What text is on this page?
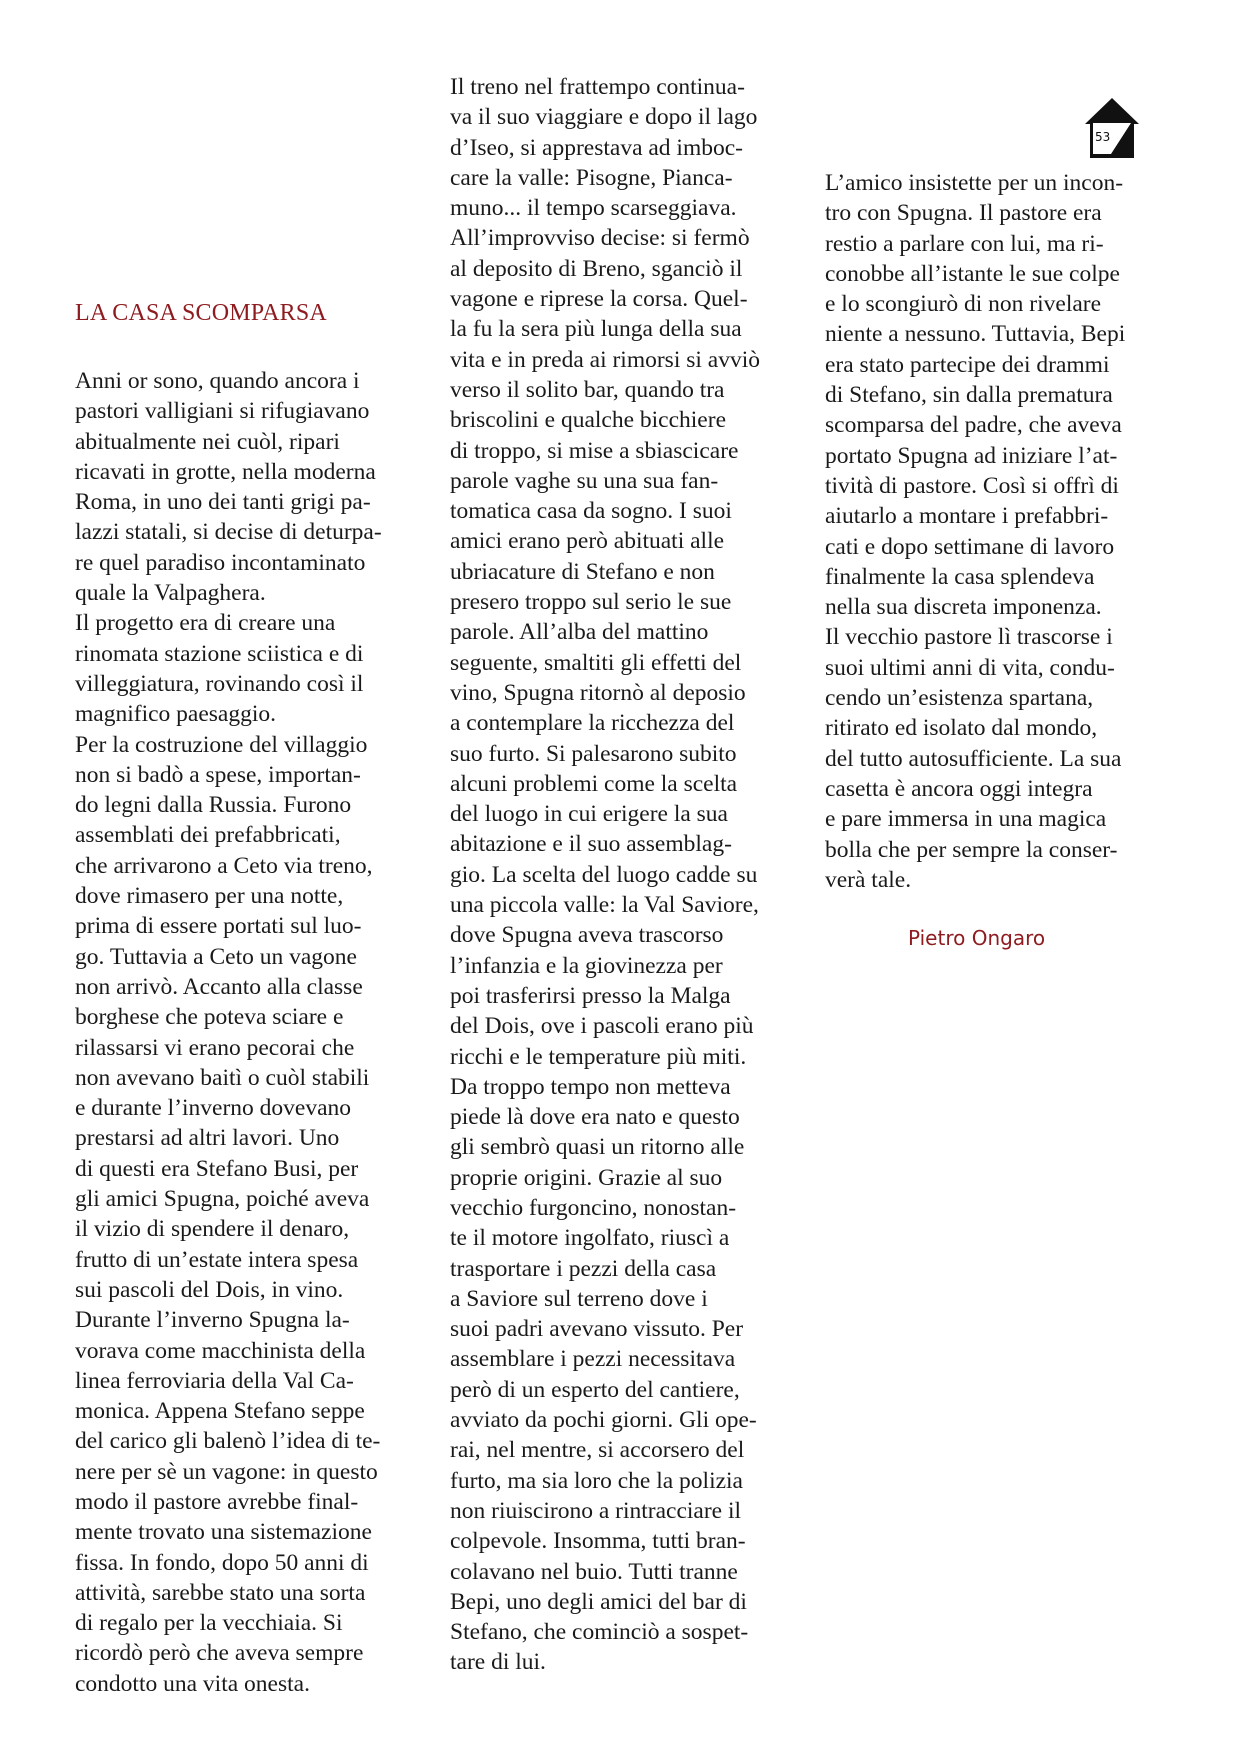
53
LA CASA SCOMPARSA
Anni or sono, quando ancora i
pastori valligiani si rifugiavano
abitualmente nei cuòl, ripari
ricavati in grotte, nella moderna
Roma, in uno dei tanti grigi pa-
lazzi statali, si decise di deturpa-
re quel paradiso incontaminato
quale la Valpaghera.
Il progetto era di creare una
rinomata stazione sciistica e di
villeggiatura, rovinando così il
magnifico paesaggio.
Per la costruzione del villaggio
non si badò a spese, importan-
do legni dalla Russia. Furono
assemblati dei prefabbricati,
che arrivarono a Ceto via treno,
dove rimasero per una notte,
prima di essere portati sul luo-
go. Tuttavia a Ceto un vagone
non arrivò. Accanto alla classe
borghese che poteva sciare e
rilassarsi vi erano pecorai che
non avevano baitì o cuòl stabili
e durante l’inverno dovevano
prestarsi ad altri lavori. Uno
di questi era Stefano Busi, per
gli amici Spugna, poiché aveva
il vizio di spendere il denaro,
frutto di un’estate intera spesa
sui pascoli del Dois, in vino.
Durante l’inverno Spugna la-
vorava come macchinista della
linea ferroviaria della Val Ca-
monica. Appena Stefano seppe
del carico gli balenò l’idea di te-
nere per sè un vagone: in questo
modo il pastore avrebbe final-
mente trovato una sistemazione
fissa. In fondo, dopo 50 anni di
attività, sarebbe stato una sorta
di regalo per la vecchiaia. Si
ricordò però che aveva sempre
condotto una vita onesta.
Il treno nel frattempo continua-
va il suo viaggiare e dopo il lago
d’Iseo, si apprestava ad imboc-
care la valle: Pisogne, Pianca-
muno... il tempo scarseggiava.
All’improvviso decise: si fermò
al deposito di Breno, sganciò il
vagone e riprese la corsa. Quel-
la fu la sera più lunga della sua
vita e in preda ai rimorsi si avviò
verso il solito bar, quando tra
briscolini e qualche bicchiere
di troppo, si mise a sbiascicare
parole vaghe su una sua fan-
tomatica casa da sogno. I suoi
amici erano però abituati alle
ubriacature di Stefano e non
presero troppo sul serio le sue
parole. All’alba del mattino
seguente, smaltiti gli effetti del
vino, Spugna ritornò al deposio
a contemplare la ricchezza del
suo furto. Si palesarono subito
alcuni problemi come la scelta
del luogo in cui erigere la sua
abitazione e il suo assemblag-
gio. La scelta del luogo cadde su
una piccola valle: la Val Saviore,
dove Spugna aveva trascorso
l’infanzia e la giovinezza per
poi trasferirsi presso la Malga
del Dois, ove i pascoli erano più
ricchi e le temperature più miti.
Da troppo tempo non metteva
piede là dove era nato e questo
gli sembrò quasi un ritorno alle
proprie origini. Grazie al suo
vecchio furgoncino, nonostan-
te il motore ingolfato, riuscì a
trasportare i pezzi della casa
a Saviore sul terreno dove i
suoi padri avevano vissuto. Per
assemblare i pezzi necessitava
però di un esperto del cantiere,
avviato da pochi giorni. Gli ope-
rai, nel mentre, si accorsero del
furto, ma sia loro che la polizia
non riuiscirono a rintracciare il
colpevole. Insomma, tutti bran-
colavano nel buio. Tutti tranne
Bepi, uno degli amici del bar di
Stefano, che cominciò a sospet-
tare di lui.
L’amico insistette per un incon-
tro con Spugna. Il pastore era
restio a parlare con lui, ma ri-
conobbe all’istante le sue colpe
e lo scongiurò di non rivelare
niente a nessuno. Tuttavia, Bepi
era stato partecipe dei drammi
di Stefano, sin dalla prematura
scomparsa del padre, che aveva
portato Spugna ad iniziare l’at-
tività di pastore. Così si offrì di
aiutarlo a montare i prefabbri-
cati e dopo settimane di lavoro
finalmente la casa splendeva
nella sua discreta imponenza.
Il vecchio pastore lì trascorse i
suoi ultimi anni di vita, condu-
cendo un’esistenza spartana,
ritirato ed isolato dal mondo,
del tutto autosufficiente. La sua
casetta è ancora oggi integra
e pare immersa in una magica
bolla che per sempre la conser-
verà tale.
Pietro Ongaro
